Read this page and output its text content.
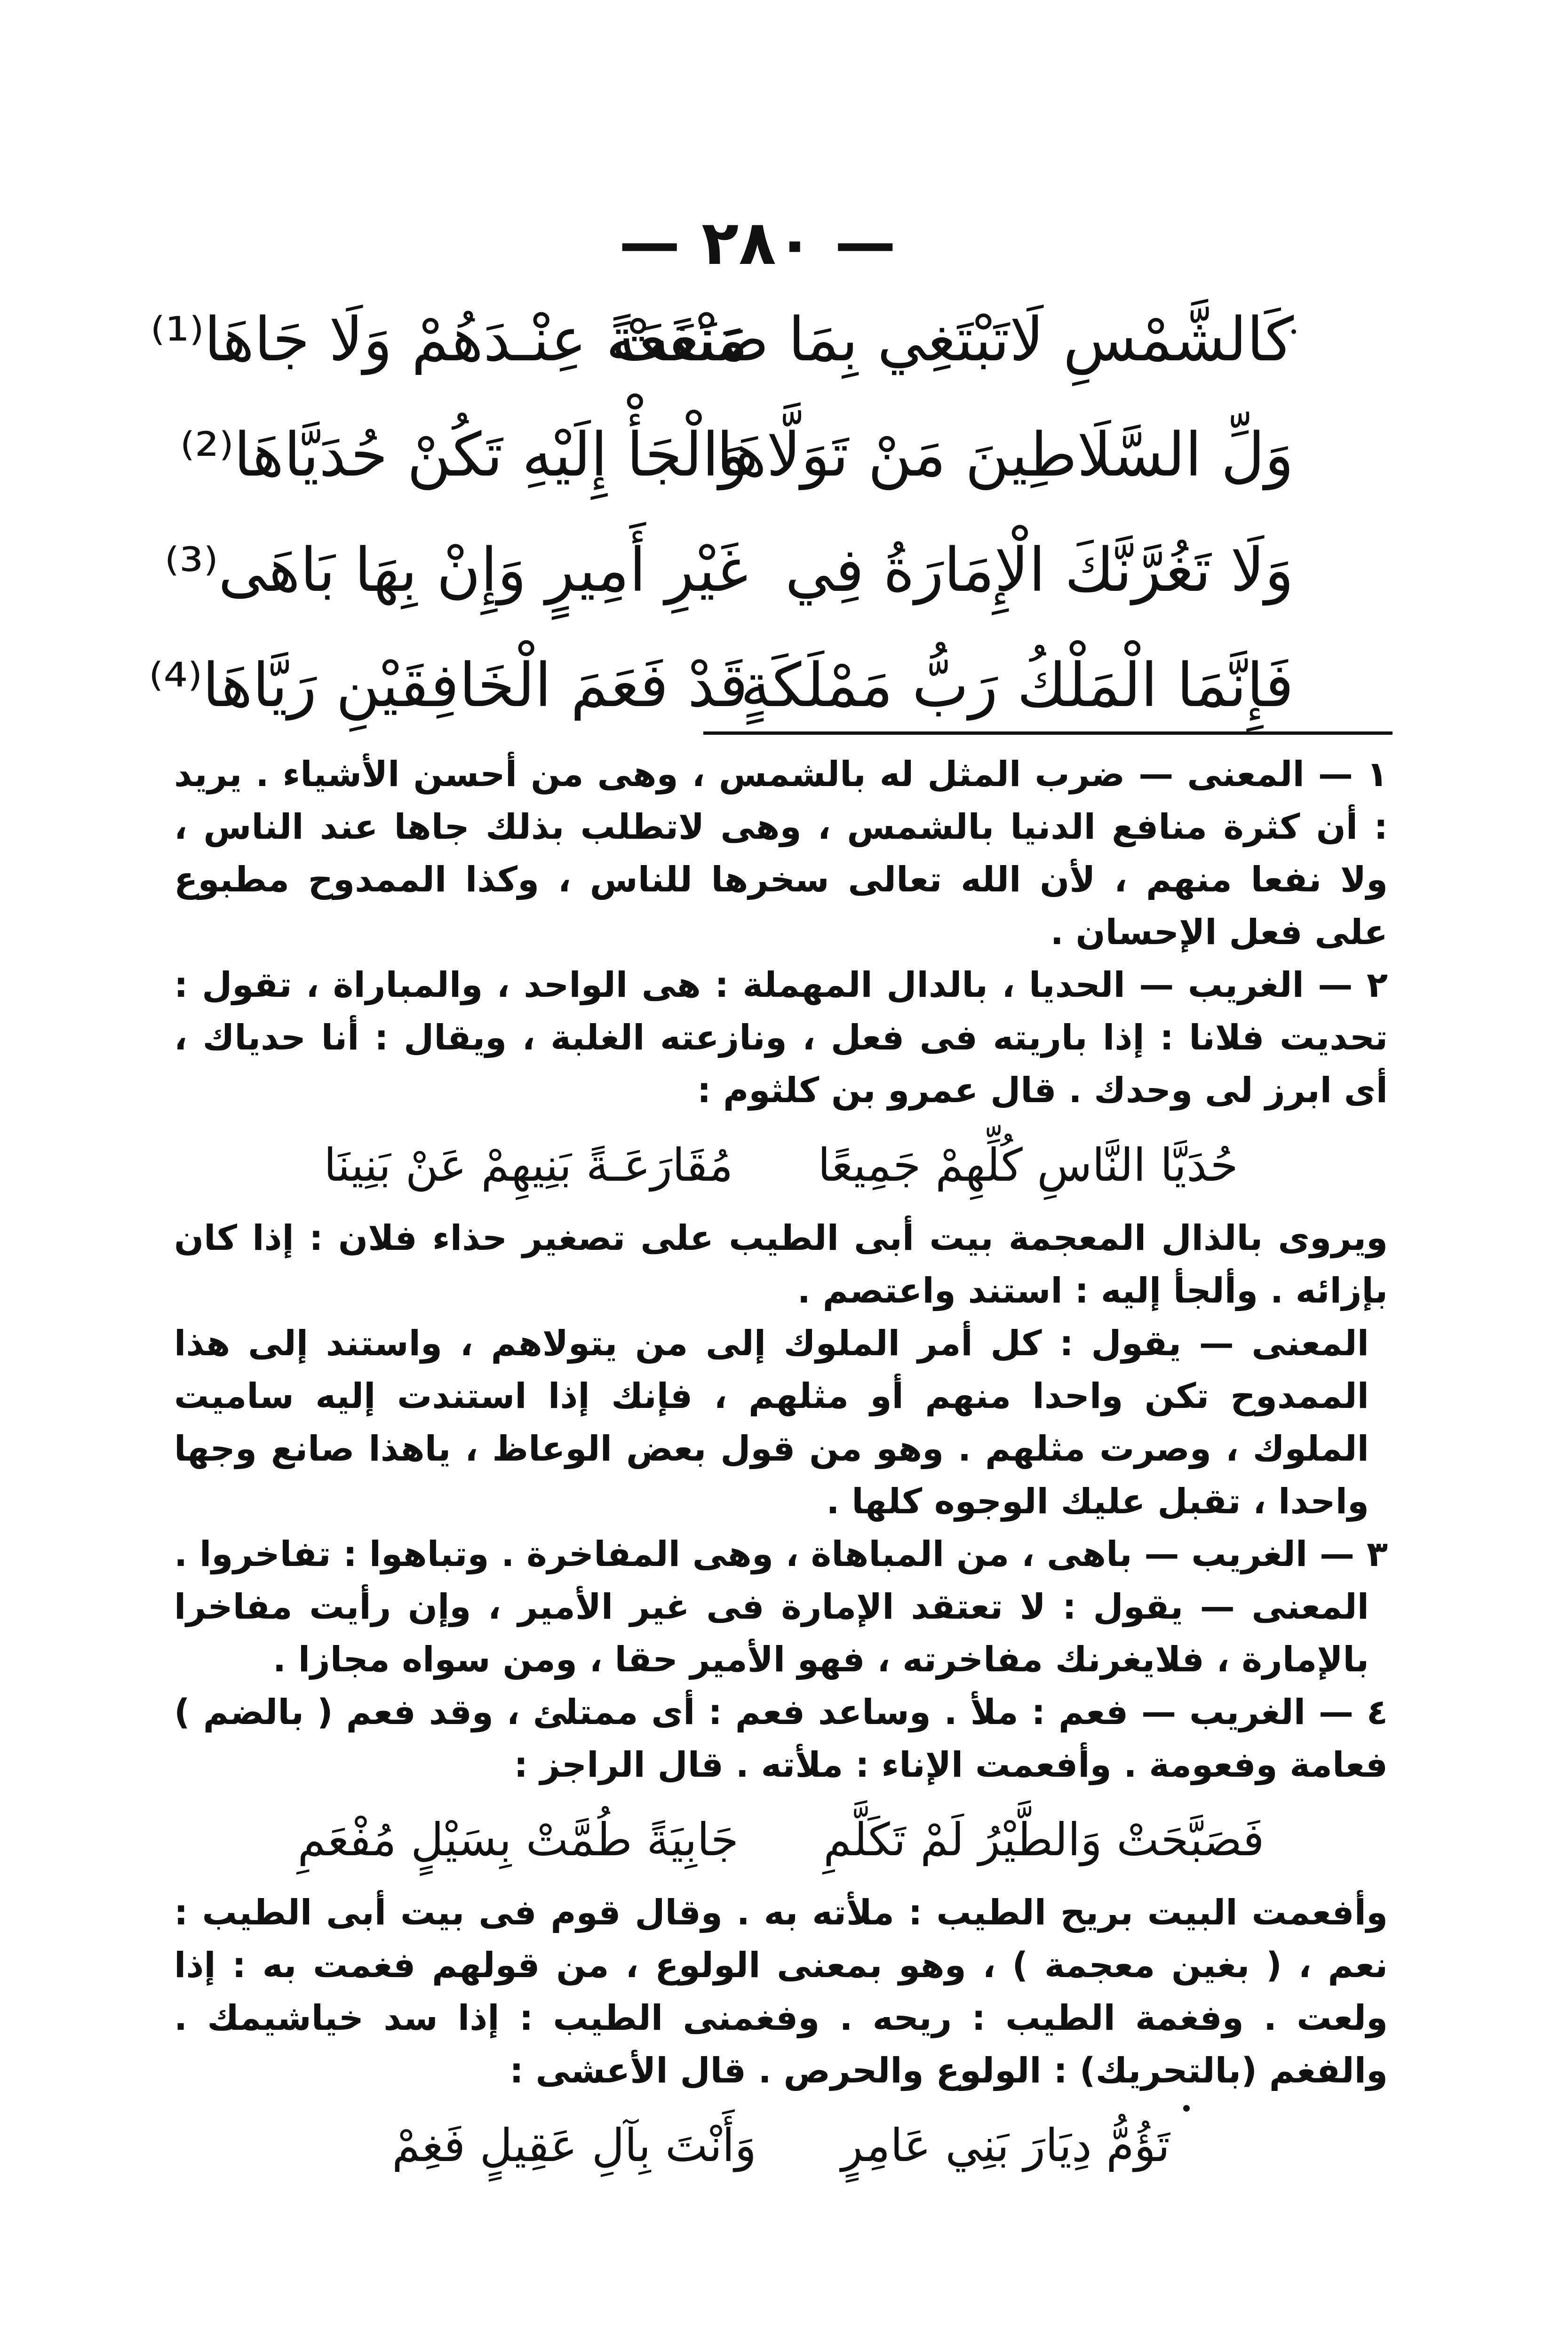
— ٢٨٠ —
كَالشَّمْسِ لَاتَبْتَغِي بِمَا صَنَعَتْ
مَنْفَعَةً عِنْـدَهُمْ وَلَا جَاهَا⁽¹⁾
وَلِّ السَّلَاطِينَ مَنْ تَوَلَّاهَا
وَالْجَأْ إِلَيْهِ تَكُنْ حُدَيَّاهَا⁽²⁾
وَلَا تَغُرَّنَّكَ الْإِمَارَةُ فِي
غَيْرِ أَمِيرٍ وَإِنْ بِهَا بَاهَى⁽³⁾
فَإِنَّمَا الْمَلْكُ رَبُّ مَمْلَكَةٍ
قَدْ فَعَمَ الْخَافِقَيْنِ رَيَّاهَا⁽⁴⁾

١ — المعنى — ضرب المثل له بالشمس ، وهى من أحسن الأشياء . يريد : أن كثرة منافع الدنيا بالشمس ، وهى لاتطلب بذلك جاها عند الناس ، ولا نفعا منهم ، لأن الله تعالى سخرها للناس ، وكذا الممدوح مطبوع على فعل الإحسان .

٢ — الغريب — الحديا ، بالدال المهملة : هى الواحد ، والمباراة ، تقول : تحديت فلانا : إذا باريته فى فعل ، ونازعته الغلبة ، ويقال : أنا حدياك ، أى ابرز لى وحدك . قال عمرو بن كلثوم :

حُدَيَّا النَّاسِ كُلِّهِمْ جَمِيعًا
مُقَارَعَـةً بَنِيهِمْ عَنْ بَنِينَا

ويروى بالذال المعجمة بيت أبى الطيب على تصغير حذاء فلان : إذا كان بإزائه . وألجأ إليه : استند واعتصم .

المعنى — يقول : كل أمر الملوك إلى من يتولاهم ، واستند إلى هذا الممدوح تكن واحدا منهم أو مثلهم ، فإنك إذا استندت إليه ساميت الملوك ، وصرت مثلهم . وهو من قول بعض الوعاظ ، ياهذا صانع وجها واحدا ، تقبل عليك الوجوه كلها .

٣ — الغريب — باهى ، من المباهاة ، وهى المفاخرة . وتباهوا : تفاخروا .

المعنى — يقول : لا تعتقد الإمارة فى غير الأمير ، وإن رأيت مفاخرا بالإمارة ، فلايغرنك مفاخرته ، فهو الأمير حقا ، ومن سواه مجازا .

٤ — الغريب — فعم : ملأ . وساعد فعم : أى ممتلئ ، وقد فعم ( بالضم ) فعامة وفعومة . وأفعمت الإناء : ملأته . قال الراجز :

فَصَبَّحَتْ وَالطَّيْرُ لَمْ تَكَلَّمِ
جَابِيَةً طُمَّتْ بِسَيْلٍ مُفْعَمِ

وأفعمت البيت بريح الطيب : ملأته به . وقال قوم فى بيت أبى الطيب : نعم ، ( بغين معجمة ) ، وهو بمعنى الولوع ، من قولهم فغمت به : إذا ولعت . وفغمة الطيب : ريحه . وفغمنى الطيب : إذا سد خياشيمك . والفغم (بالتحريك) : الولوع والحرص . قال الأعشى :

تَؤُمُّ دِيَارَ بَنِي عَامِرٍ
وَأَنْتَ بِآلِ عَقِيلٍ فَغِمْ
